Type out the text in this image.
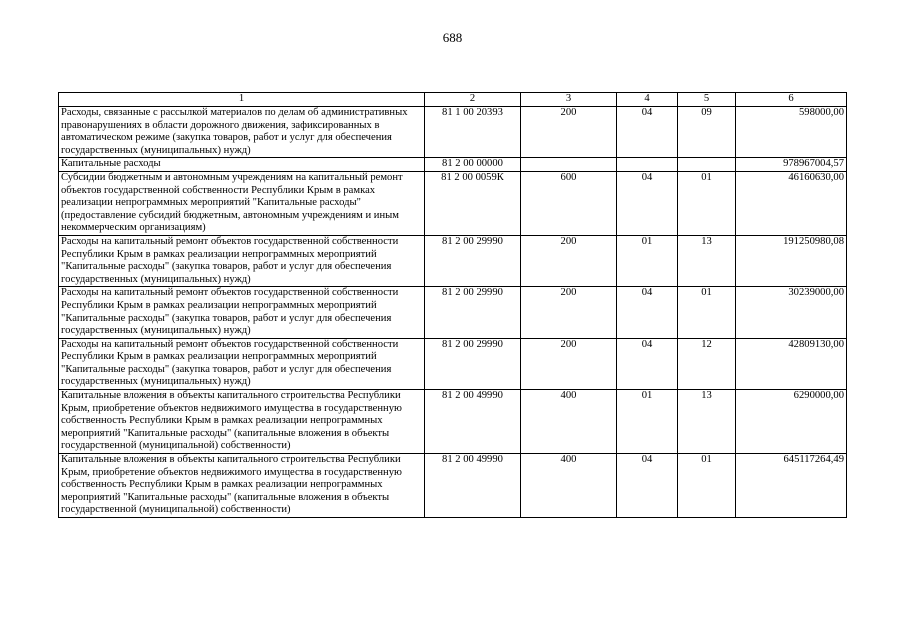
688
1	2	3	4	5	6
Расходы, связанные с рассылкой материалов по делам об административных правонарушениях в области дорожного движения, зафиксированных в автоматическом режиме (закупка товаров, работ и услуг для обеспечения государственных (муниципальных) нужд)	81 1 00 20393	200	04	09	598000,00
Капитальные расходы	81 2 00 00000				978967004,57
Субсидии бюджетным и автономным учреждениям на капитальный ремонт объектов государственной собственности Республики Крым в рамках реализации непрограммных мероприятий "Капитальные расходы" (предоставление субсидий бюджетным, автономным учреждениям и иным некоммерческим организациям)	81 2 00 0059К	600	04	01	46160630,00
Расходы на капитальный ремонт объектов государственной собственности Республики Крым в рамках реализации непрограммных мероприятий "Капитальные расходы" (закупка товаров, работ и услуг для обеспечения государственных (муниципальных) нужд)	81 2 00 29990	200	01	13	191250980,08
Расходы на капитальный ремонт объектов государственной собственности Республики Крым в рамках реализации непрограммных мероприятий "Капитальные расходы" (закупка товаров, работ и услуг для обеспечения государственных (муниципальных) нужд)	81 2 00 29990	200	04	01	30239000,00
Расходы на капитальный ремонт объектов государственной собственности Республики Крым в рамках реализации непрограммных мероприятий "Капитальные расходы" (закупка товаров, работ и услуг для обеспечения государственных (муниципальных) нужд)	81 2 00 29990	200	04	12	42809130,00
Капитальные вложения в объекты капитального строительства Республики Крым, приобретение объектов недвижимого имущества в государственную собственность Республики Крым в рамках реализации непрограммных мероприятий "Капитальные расходы" (капитальные вложения в объекты государственной (муниципальной) собственности)	81 2 00 49990	400	01	13	6290000,00
Капитальные вложения в объекты капитального строительства Республики Крым, приобретение объектов недвижимого имущества в государственную собственность Республики Крым в рамках реализации непрограммных мероприятий "Капитальные расходы" (капитальные вложения в объекты государственной (муниципальной) собственности)	81 2 00 49990	400	04	01	645117264,49
